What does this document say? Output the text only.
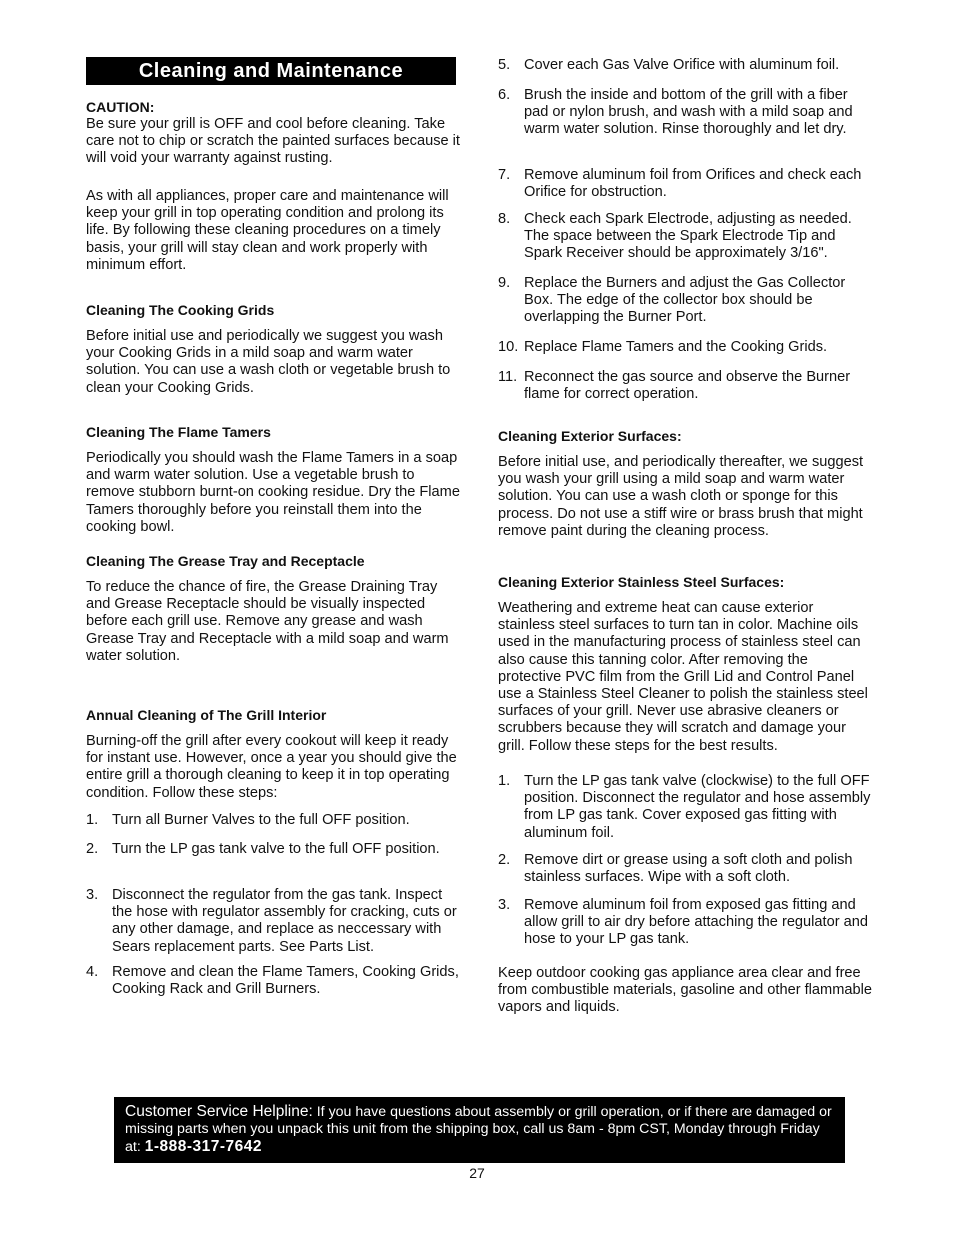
Cleaning and Maintenance
CAUTION:

Be sure your grill is OFF and cool before cleaning. Take care not to chip or scratch the painted surfaces because it will void your warranty against rusting.

As with all appliances, proper care and maintenance will keep your grill in top operating condition and prolong its life. By following these cleaning procedures on a timely basis, your grill will stay clean and work properly with minimum effort.

Cleaning The Cooking Grids

Before initial use and periodically we suggest you wash your Cooking Grids in a mild soap and warm water solution. You can use a wash cloth or vegetable brush to clean your Cooking Grids.

Cleaning The Flame Tamers

Periodically you should wash the Flame Tamers in a soap and warm water solution. Use a vegetable brush to remove stubborn burnt-on cooking residue. Dry the Flame Tamers thoroughly before you reinstall them into the cooking bowl.

Cleaning The Grease Tray and Receptacle

To reduce the chance of fire, the Grease Draining Tray and Grease Receptacle should be visually inspected before each grill use. Remove any grease and wash Grease Tray and Receptacle with a mild soap and warm water solution.

Annual Cleaning of The Grill Interior

Burning-off the grill after every cookout will keep it ready for instant use. However, once a year you should give the entire grill a thorough cleaning to keep it in top operating condition. Follow these steps:

1. Turn all Burner Valves to the full OFF position.
2. Turn the LP gas tank valve to the full OFF position.
3. Disconnect the regulator from the gas tank. Inspect the hose with regulator assembly for cracking, cuts or any other damage, and replace as neccessary with Sears replacement parts. See Parts List.
4. Remove and clean the Flame Tamers, Cooking Grids, Cooking Rack and Grill Burners.
5. Cover each Gas Valve Orifice with aluminum foil.
6. Brush the inside and bottom of the grill with a fiber pad or nylon brush, and wash with a mild soap and warm water solution. Rinse thoroughly and let dry.
7. Remove aluminum foil from Orifices and check each Orifice for obstruction.
8. Check each Spark Electrode, adjusting as needed. The space between the Spark Electrode Tip and Spark Receiver should be approximately 3/16".
9. Replace the Burners and adjust the Gas Collector Box. The edge of the collector box should be overlapping the Burner Port.
10. Replace Flame Tamers and the Cooking Grids.
11. Reconnect the gas source and observe the Burner flame for correct operation.
Cleaning Exterior Surfaces:

Before initial use, and periodically thereafter, we suggest you wash your grill using a mild soap and warm water solution. You can use a wash cloth or sponge for this process. Do not use a stiff wire or brass brush that might remove paint during the cleaning process.

Cleaning Exterior Stainless Steel Surfaces:

Weathering and extreme heat can cause exterior stainless steel surfaces to turn tan in color. Machine oils used in the manufacturing process of stainless steel can also cause this tanning color. After removing the protective PVC film from the Grill Lid and Control Panel use a Stainless Steel Cleaner to polish the stainless steel surfaces of your grill. Never use abrasive cleaners or scrubbers because they will scratch and damage your grill. Follow these steps for the best results.

1. Turn the LP gas tank valve (clockwise) to the full OFF position. Disconnect the regulator and hose assembly from LP gas tank. Cover exposed gas fitting with aluminum foil.
2. Remove dirt or grease using a soft cloth and polish stainless surfaces. Wipe with a soft cloth.
3. Remove aluminum foil from exposed gas fitting and allow grill to air dry before attaching the regulator and hose to your LP gas tank.

Keep outdoor cooking gas appliance area clear and free from combustible materials, gasoline and other flammable vapors and liquids.

Customer Service Helpline: If you have questions about assembly or grill operation, or if there are damaged or missing parts when you unpack this unit from the shipping box, call us 8am - 8pm CST, Monday through Friday at: 1-888-317-7642
27
